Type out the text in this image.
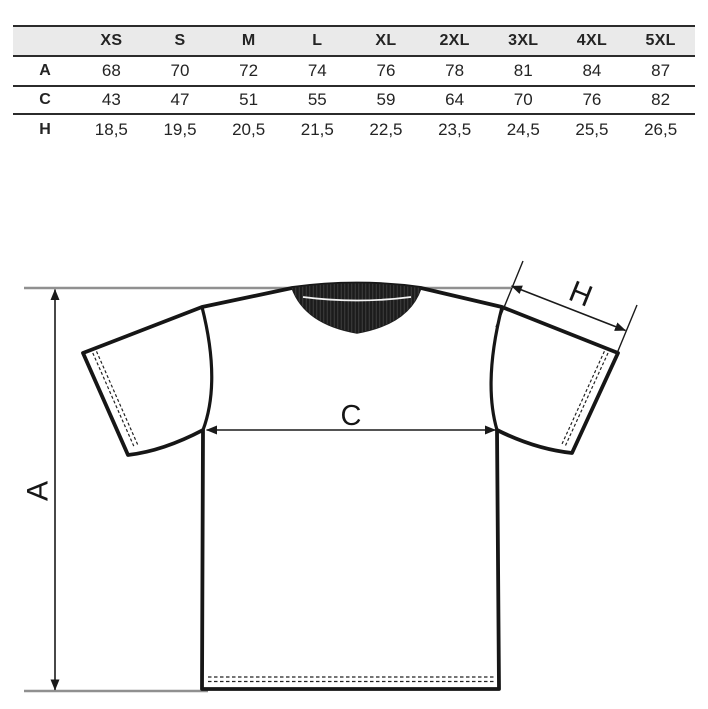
	XS	S	M	L	XL	2XL	3XL	4XL	5XL
A	68	70	72	74	76	78	81	84	87
C	43	47	51	55	59	64	70	76	82
H	18,5	19,5	20,5	21,5	22,5	23,5	24,5	25,5	26,5
A
C
H
